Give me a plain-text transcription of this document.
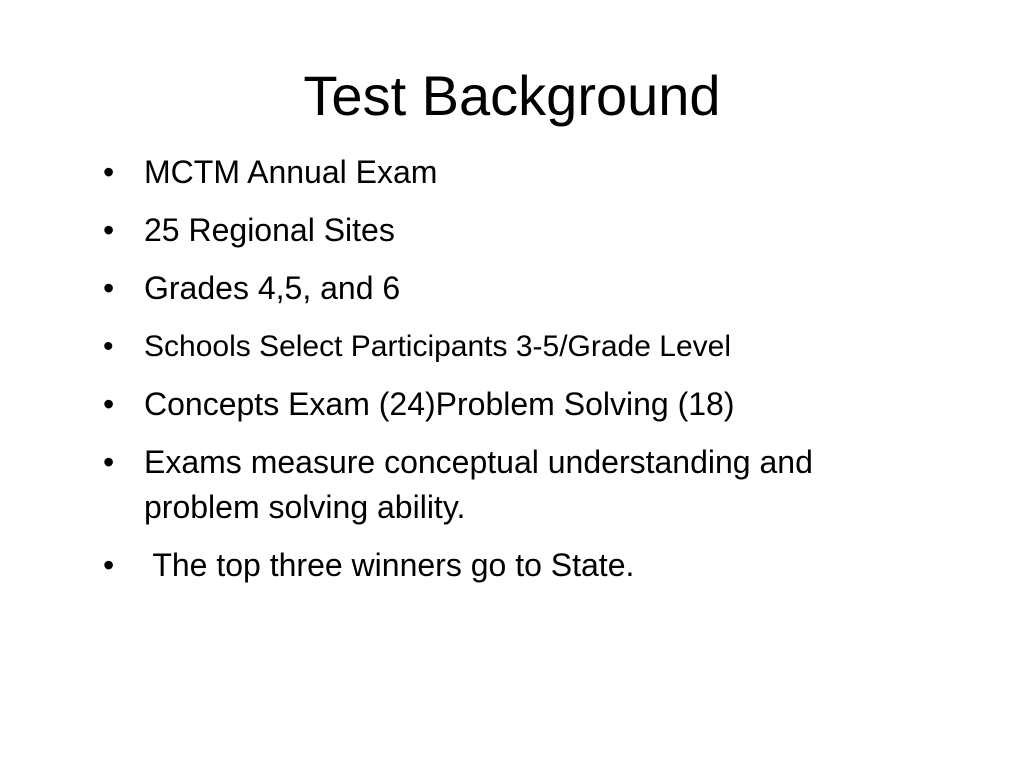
Test Background
• MCTM Annual Exam
• 25 Regional Sites
• Grades 4,5, and 6
• Schools Select Participants 3-5/Grade Level
• Concepts Exam (24)Problem Solving (18)
• Exams measure conceptual understanding and problem solving ability.
•  The top three winners go to State.
